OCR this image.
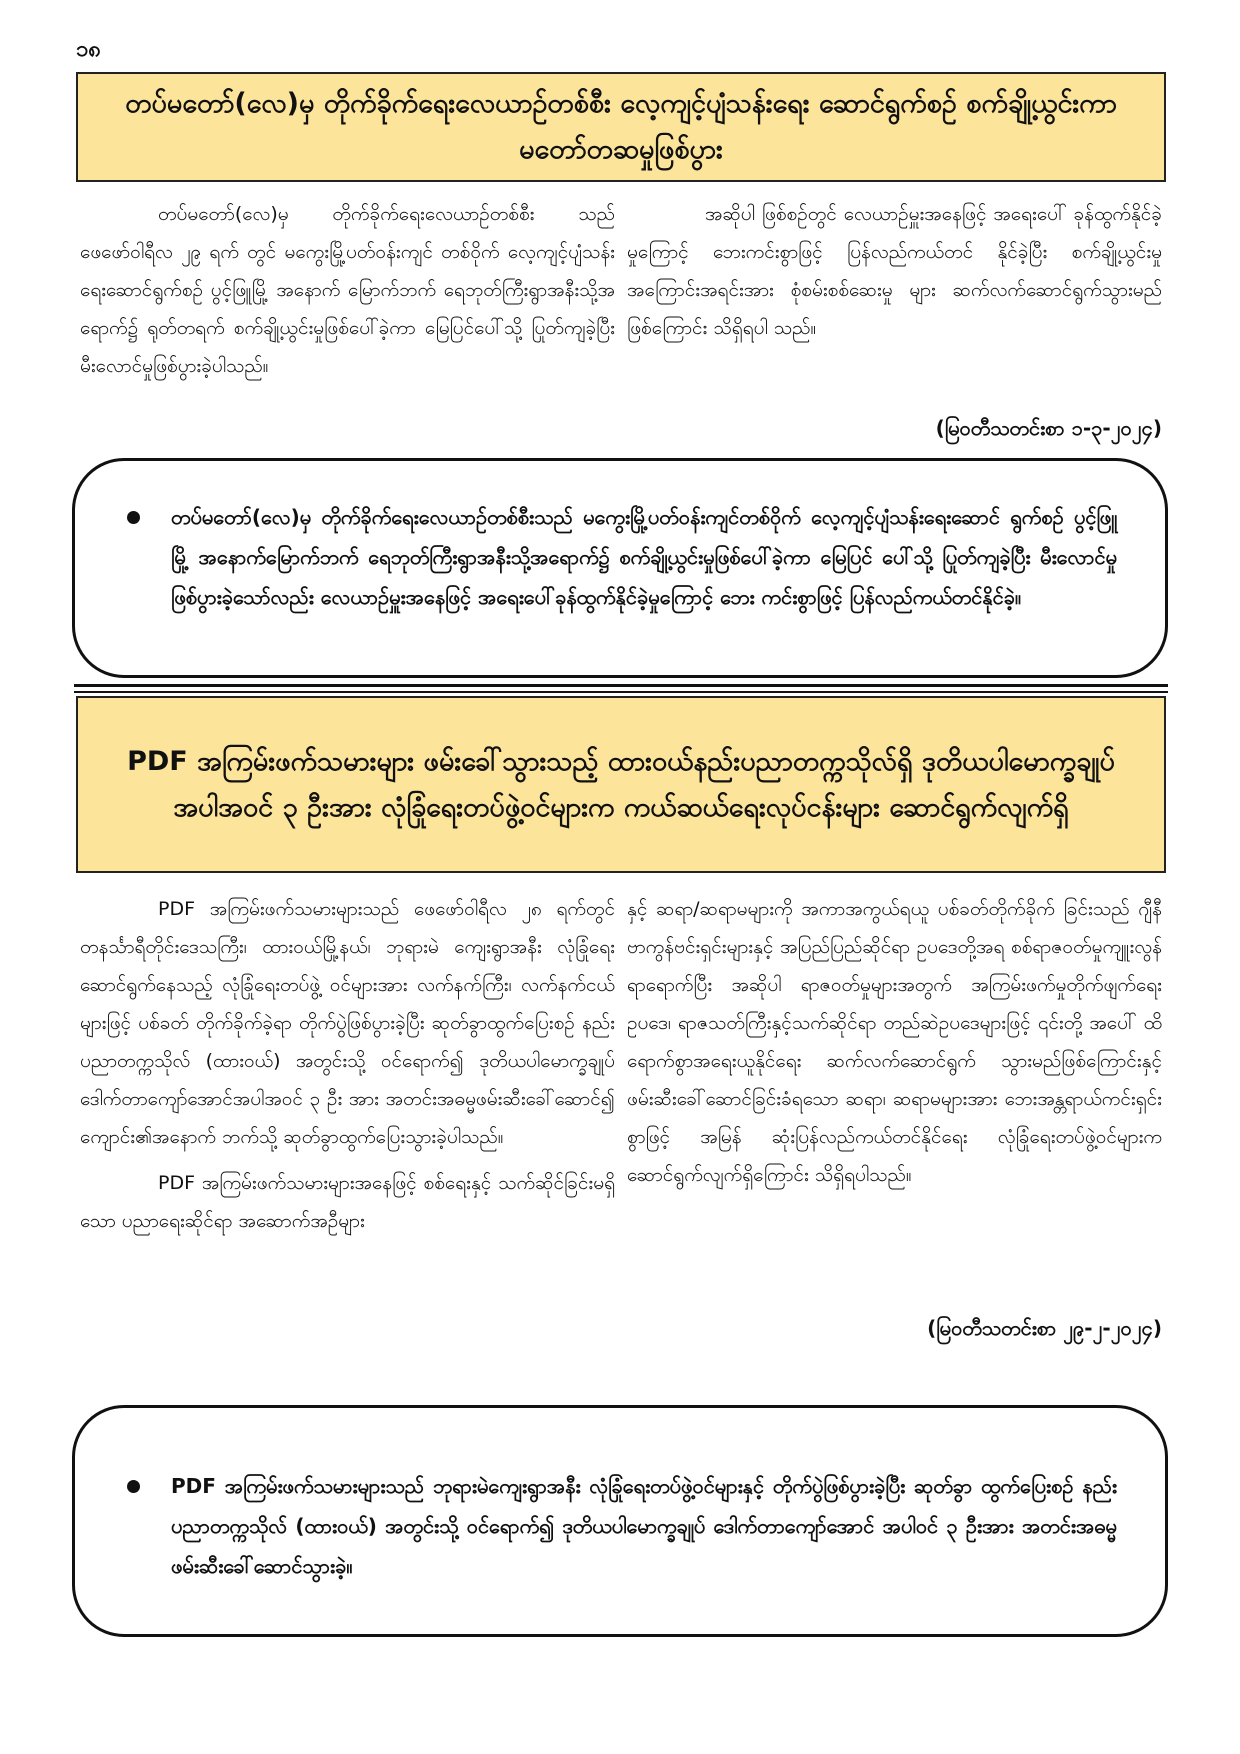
၁၈
တပ်မတော်(လေ)မှ တိုက်ခိုက်ရေးလေယာဉ်တစ်စီး လေ့ကျင့်ပျံသန်းရေး ဆောင်ရွက်စဉ် စက်ချို့ယွင်းကာ မတော်တဆမှုဖြစ်ပွား

တပ်မတော်(လေ)မှ တိုက်ခိုက်ရေးလေယာဉ်တစ်စီး သည် ဖေဖော်ဝါရီလ ၂၉ ရက် တွင် မကွေးမြို့ပတ်ဝန်းကျင် တစ်ဝိုက် လေ့ကျင့်ပျံသန်းရေးဆောင်ရွက်စဉ် ပွင့်ဖြူမြို့ အနောက် မြောက်ဘက် ရေဘုတ်ကြီးရွာအနီးသို့အရောက်၌ ရုတ်တရက် စက်ချို့ယွင်းမှုဖြစ်ပေါ်ခဲ့ကာ မြေပြင်ပေါ်သို့ ပြုတ်ကျခဲ့ပြီး မီးလောင်မှုဖြစ်ပွားခဲ့ပါသည်။

အဆိုပါ ဖြစ်စဉ်တွင် လေယာဉ်မှူးအနေဖြင့် အရေးပေါ် ခုန်ထွက်နိုင်ခဲ့မှုကြောင့် ဘေးကင်းစွာဖြင့် ပြန်လည်ကယ်တင် နိုင်ခဲ့ပြီး စက်ချို့ယွင်းမှုအကြောင်းအရင်းအား စုံစမ်းစစ်ဆေးမှု များ ဆက်လက်ဆောင်ရွက်သွားမည်ဖြစ်ကြောင်း သိရှိရပါ သည်။

(မြဝတီသတင်းစာ ၁-၃-၂၀၂၄)
တပ်မတော်(လေ)မှ တိုက်ခိုက်ရေးလေယာဉ်တစ်စီးသည် မကွေးမြို့ပတ်ဝန်းကျင်တစ်ဝိုက် လေ့ကျင့်ပျံသန်းရေးဆောင် ရွက်စဉ် ပွင့်ဖြူမြို့ အနောက်မြောက်ဘက် ရေဘုတ်ကြီးရွာအနီးသို့အရောက်၌ စက်ချို့ယွင်းမှုဖြစ်ပေါ်ခဲ့ကာ မြေပြင် ပေါ်သို့ ပြုတ်ကျခဲ့ပြီး မီးလောင်မှုဖြစ်ပွားခဲ့သော်လည်း လေယာဉ်မှူးအနေဖြင့် အရေးပေါ်ခုန်ထွက်နိုင်ခဲ့မှုကြောင့် ဘေး ကင်းစွာဖြင့် ပြန်လည်ကယ်တင်နိုင်ခဲ့။
PDF အကြမ်းဖက်သမားများ ဖမ်းခေါ်သွားသည့် ထားဝယ်နည်းပညာတက္ကသိုလ်ရှိ ဒုတိယပါမောက္ခချုပ်အပါအဝင် ၃ ဦးအား လုံခြုံရေးတပ်ဖွဲ့ဝင်များက ကယ်ဆယ်ရေးလုပ်ငန်းများ ဆောင်ရွက်လျက်ရှိ

PDF အကြမ်းဖက်သမားများသည် ဖေဖော်ဝါရီလ ၂၈ ရက်တွင် တနင်္သာရီတိုင်းဒေသကြီး၊ ထားဝယ်မြို့နယ်၊ ဘုရားမဲ ကျေးရွာအနီး လုံခြုံရေးဆောင်ရွက်နေသည့် လုံခြုံရေးတပ်ဖွဲ့ ဝင်များအား လက်နက်ကြီး၊ လက်နက်ငယ်များဖြင့် ပစ်ခတ် တိုက်ခိုက်ခဲ့ရာ တိုက်ပွဲဖြစ်ပွားခဲ့ပြီး ဆုတ်ခွာထွက်ပြေးစဉ် နည်းပညာတက္ကသိုလ် (ထားဝယ်) အတွင်းသို့ ဝင်ရောက်၍ ဒုတိယပါမောက္ခချုပ် ဒေါက်တာကျော်အောင်အပါအဝင် ၃ ဦး အား အတင်းအဓမ္မဖမ်းဆီးခေါ်ဆောင်၍ ကျောင်း၏အနောက် ဘက်သို့ ဆုတ်ခွာထွက်ပြေးသွားခဲ့ပါသည်။

PDF အကြမ်းဖက်သမားများအနေဖြင့် စစ်ရေးနှင့် သက်ဆိုင်ခြင်းမရှိသော ပညာရေးဆိုင်ရာ အဆောက်အဦများ

နှင့် ဆရာ/ဆရာမများကို အကာအကွယ်ရယူ ပစ်ခတ်တိုက်ခိုက် ခြင်းသည် ဂျီနီဗာကွန်ဗင်းရှင်းများနှင့် အပြည်ပြည်ဆိုင်ရာ ဥပဒေတို့အရ စစ်ရာဇဝတ်မှုကျူးလွန်ရာရောက်ပြီး အဆိုပါ ရာဇဝတ်မှုများအတွက် အကြမ်းဖက်မှုတိုက်ဖျက်ရေးဥပဒေ၊ ရာဇသတ်ကြီးနှင့်သက်ဆိုင်ရာ တည်ဆဲဥပဒေများဖြင့် ၎င်းတို့ အပေါ် ထိရောက်စွာအရေးယူနိုင်ရေး ဆက်လက်ဆောင်ရွက် သွားမည်ဖြစ်ကြောင်းနှင့် ဖမ်းဆီးခေါ်ဆောင်ခြင်းခံရသော ဆရာ၊ ဆရာမများအား ဘေးအန္တရာယ်ကင်းရှင်းစွာဖြင့် အမြန် ဆုံးပြန်လည်ကယ်တင်နိုင်ရေး လုံခြုံရေးတပ်ဖွဲ့ဝင်များက ဆောင်ရွက်လျက်ရှိကြောင်း သိရှိရပါသည်။

(မြဝတီသတင်းစာ ၂၉-၂-၂၀၂၄)
PDF အကြမ်းဖက်သမားများသည် ဘုရားမဲကျေးရွာအနီး လုံခြုံရေးတပ်ဖွဲ့ဝင်များနှင့် တိုက်ပွဲဖြစ်ပွားခဲ့ပြီး ဆုတ်ခွာ ထွက်ပြေးစဉ် နည်းပညာတက္ကသိုလ် (ထားဝယ်) အတွင်းသို့ ဝင်ရောက်၍ ဒုတိယပါမောက္ခချုပ် ဒေါက်တာကျော်အောင် အပါဝင် ၃ ဦးအား အတင်းအဓမ္မဖမ်းဆီးခေါ်ဆောင်သွားခဲ့။
